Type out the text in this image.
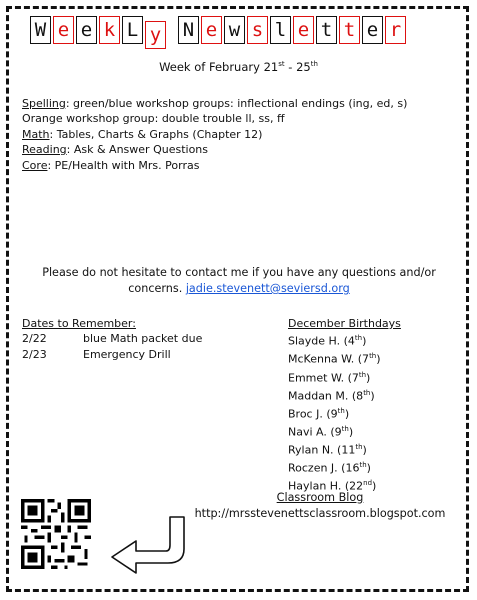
W e e k L y N e w s l e t t e r
Week of February 21st - 25th
Spelling: green/blue workshop groups: inflectional endings (ing, ed, s)
Orange workshop group: double trouble ll, ss, ff
Math: Tables, Charts & Graphs (Chapter 12)
Reading: Ask & Answer Questions
Core: PE/Health with Mrs. Porras
Please do not hesitate to contact me if you have any questions and/or concerns. jadie.stevenett@seviersd.org
Dates to Remember:
2/22	blue Math packet due
2/23	Emergency Drill
December Birthdays
Slayde H. (4th)
McKenna W. (7th)
Emmet W. (7th)
Maddan M. (8th)
Broc J. (9th)
Navi A. (9th)
Rylan N. (11th)
Roczen J. (16th)
Haylan H. (22nd)
Classroom Blog
http://mrsstevenettsclassroom.blogspot.com
